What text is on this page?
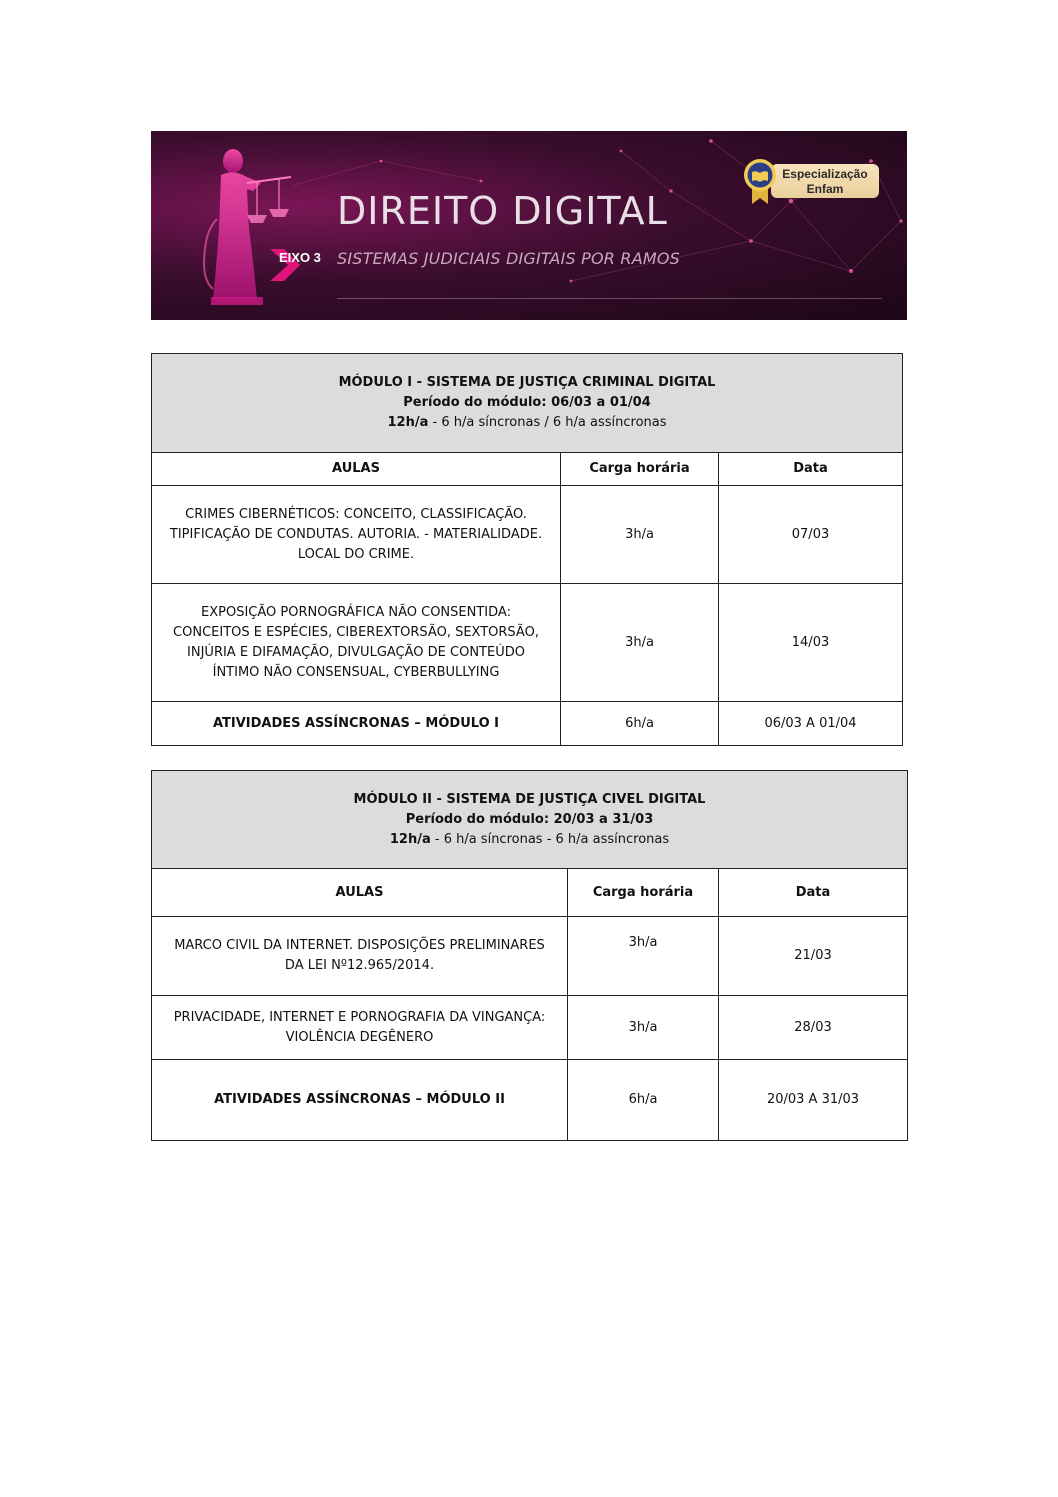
DIREITO DIGITAL
EIXO 3 SISTEMAS JUDICIAIS DIGITAIS POR RAMOS
Especialização
Enfam
MÓDULO I - SISTEMA DE JUSTIÇA CRIMINAL DIGITAL
Período do módulo: 06/03 a 01/04
12h/a - 6 h/a síncronas / 6 h/a assíncronas		

AULAS	Carga horária	Data

CRIMES CIBERNÉTICOS: CONCEITO, CLASSIFICAÇÃO.
TIPIFICAÇÃO DE CONDUTAS. AUTORIA. - MATERIALIDADE.
LOCAL DO CRIME.	3h/a	07/03

EXPOSIÇÃO PORNOGRÁFICA NÃO CONSENTIDA:
CONCEITOS E ESPÉCIES, CIBEREXTORSÃO, SEXTORSÃO,
INJÚRIA E DIFAMAÇÃO, DIVULGAÇÃO DE CONTEÚDO
ÍNTIMO NÃO CONSENSUAL, CYBERBULLYING	3h/a	14/03
ATIVIDADES ASSÍNCRONAS – MÓDULO I	6h/a	06/03 A 01/04
MÓDULO II - SISTEMA DE JUSTIÇA CIVEL DIGITAL
Período do módulo: 20/03 a 31/03
12h/a - 6 h/a síncronas - 6 h/a assíncronas		

AULAS	Carga horária	Data

MARCO CIVIL DA INTERNET. DISPOSIÇÕES PRELIMINARES
DA LEI Nº12.965/2014.	3h/a	21/03

PRIVACIDADE, INTERNET E PORNOGRAFIA DA VINGANÇA:
VIOLÊNCIA DEGÊNERO	3h/a	28/03
ATIVIDADES ASSÍNCRONAS – MÓDULO II	6h/a	20/03 A 31/03
